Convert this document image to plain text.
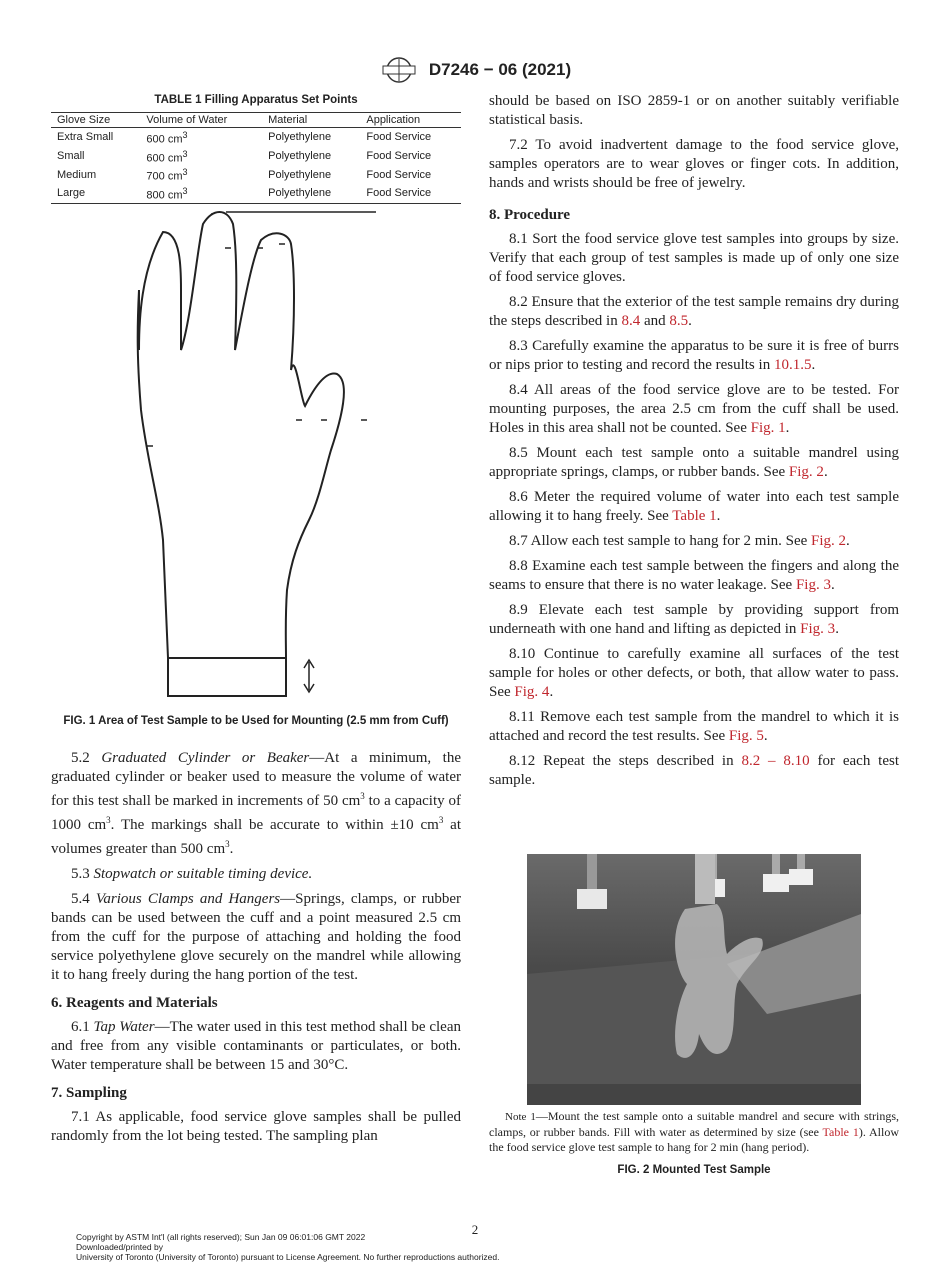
D7246 − 06 (2021)
TABLE 1 Filling Apparatus Set Points
Glove Size	Volume of Water	Material	Application
Extra Small	600 $cm^3$	Polyethylene	Food Service
Small	600 $cm^3$	Polyethylene	Food Service
Medium	700 $cm^3$	Polyethylene	Food Service
Large	800 $cm^3$	Polyethylene	Food Service
FIG. 1 Area of Test Sample to be Used for Mounting (2.5 mm from Cuff)

5.2 Graduated Cylinder or Beaker—At a minimum, the graduated cylinder or beaker used to measure the volume of water for this test shall be marked in increments of 50 $cm^3$ to a capacity of 1000 $cm^3$. The markings shall be accurate to within ±10 $cm^3$ at volumes greater than 500 $cm^3$.

5.3 Stopwatch or suitable timing device.

5.4 Various Clamps and Hangers—Springs, clamps, or rubber bands can be used between the cuff and a point measured 2.5 cm from the cuff for the purpose of attaching and holding the food service polyethylene glove securely on the mandrel while allowing it to hang freely during the hang portion of the test.

6. Reagents and Materials

6.1 Tap Water—The water used in this test method shall be clean and free from any visible contaminants or particulates, or both. Water temperature shall be between 15 and 30°C.

7. Sampling

7.1 As applicable, food service glove samples shall be pulled randomly from the lot being tested. The sampling plan

should be based on ISO 2859-1 or on another suitably verifiable statistical basis.

7.2 To avoid inadvertent damage to the food service glove, samples operators are to wear gloves or finger cots. In addition, hands and wrists should be free of jewelry.

8. Procedure

8.1 Sort the food service glove test samples into groups by size. Verify that each group of test samples is made up of only one size of food service gloves.

8.2 Ensure that the exterior of the test sample remains dry during the steps described in 8.4 and 8.5.

8.3 Carefully examine the apparatus to be sure it is free of burrs or nips prior to testing and record the results in 10.1.5.

8.4 All areas of the food service glove are to be tested. For mounting purposes, the area 2.5 cm from the cuff shall be used. Holes in this area shall not be counted. See Fig. 1.

8.5 Mount each test sample onto a suitable mandrel using appropriate springs, clamps, or rubber bands. See Fig. 2.

8.6 Meter the required volume of water into each test sample allowing it to hang freely. See Table 1.

8.7 Allow each test sample to hang for 2 min. See Fig. 2.

8.8 Examine each test sample between the fingers and along the seams to ensure that there is no water leakage. See Fig. 3.

8.9 Elevate each test sample by providing support from underneath with one hand and lifting as depicted in Fig. 3.

8.10 Continue to carefully examine all surfaces of the test sample for holes or other defects, or both, that allow water to pass. See Fig. 4.

8.11 Remove each test sample from the mandrel to which it is attached and record the test results. See Fig. 5.

8.12 Repeat the steps described in 8.2 – 8.10 for each test sample.

Note 1—Mount the test sample onto a suitable mandrel and secure with strings, clamps, or rubber bands. Fill with water as determined by size (see Table 1). Allow the food service glove test sample to hang for 2 min (hang period).
FIG. 2 Mounted Test Sample
2
Copyright by ASTM Int'l (all rights reserved); Sun Jan 09 06:01:06 GMT 2022
Downloaded/printed by
University of Toronto (University of Toronto) pursuant to License Agreement. No further reproductions authorized.
